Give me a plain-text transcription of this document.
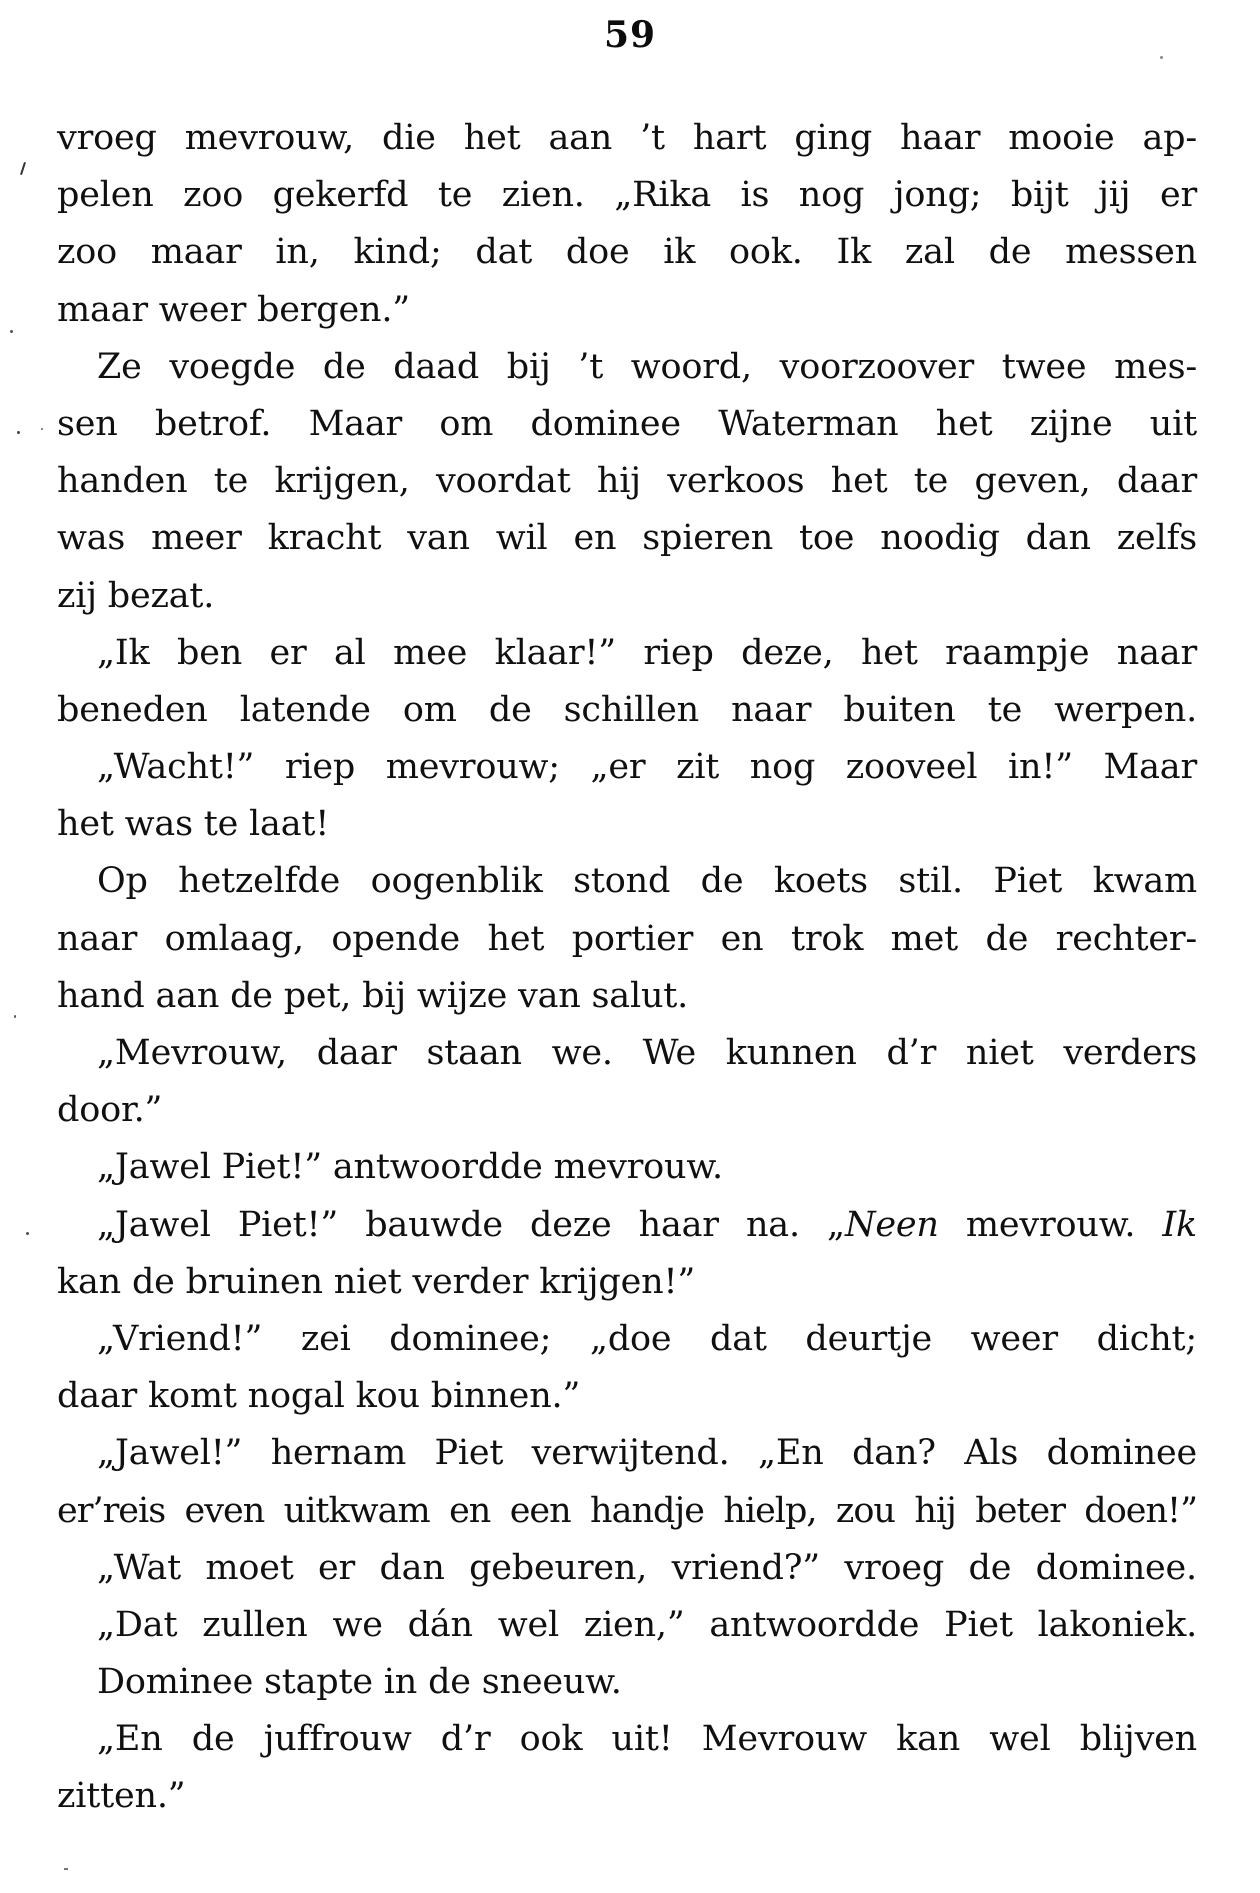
59
vroeg mevrouw, die het aan ’t hart ging haar mooie ap-
pelen zoo gekerfd te zien. „Rika is nog jong; bijt jij er
zoo maar in, kind; dat doe ik ook. Ik zal de messen
maar weer bergen.”
Ze voegde de daad bij ’t woord, voorzoover twee mes-
sen betrof. Maar om dominee Waterman het zijne uit
handen te krijgen, voordat hij verkoos het te geven, daar
was meer kracht van wil en spieren toe noodig dan zelfs
zij bezat.
„Ik ben er al mee klaar!” riep deze, het raampje naar
beneden latende om de schillen naar buiten te werpen.
„Wacht!” riep mevrouw; „er zit nog zooveel in!” Maar
het was te laat!
Op hetzelfde oogenblik stond de koets stil. Piet kwam
naar omlaag, opende het portier en trok met de rechter-
hand aan de pet, bij wijze van salut.
„Mevrouw, daar staan we. We kunnen d’r niet verders
door.”
„Jawel Piet!” antwoordde mevrouw.
„Jawel Piet!” bauwde deze haar na. „Neen mevrouw. Ik
kan de bruinen niet verder krijgen!”
„Vriend!” zei dominee; „doe dat deurtje weer dicht;
daar komt nogal kou binnen.”
„Jawel!” hernam Piet verwijtend. „En dan? Als dominee
er’reis even uitkwam en een handje hielp, zou hij beter doen!”
„Wat moet er dan gebeuren, vriend?” vroeg de dominee.
„Dat zullen we dán wel zien,” antwoordde Piet lakoniek.
Dominee stapte in de sneeuw.
„En de juffrouw d’r ook uit! Mevrouw kan wel blijven
zitten.”
